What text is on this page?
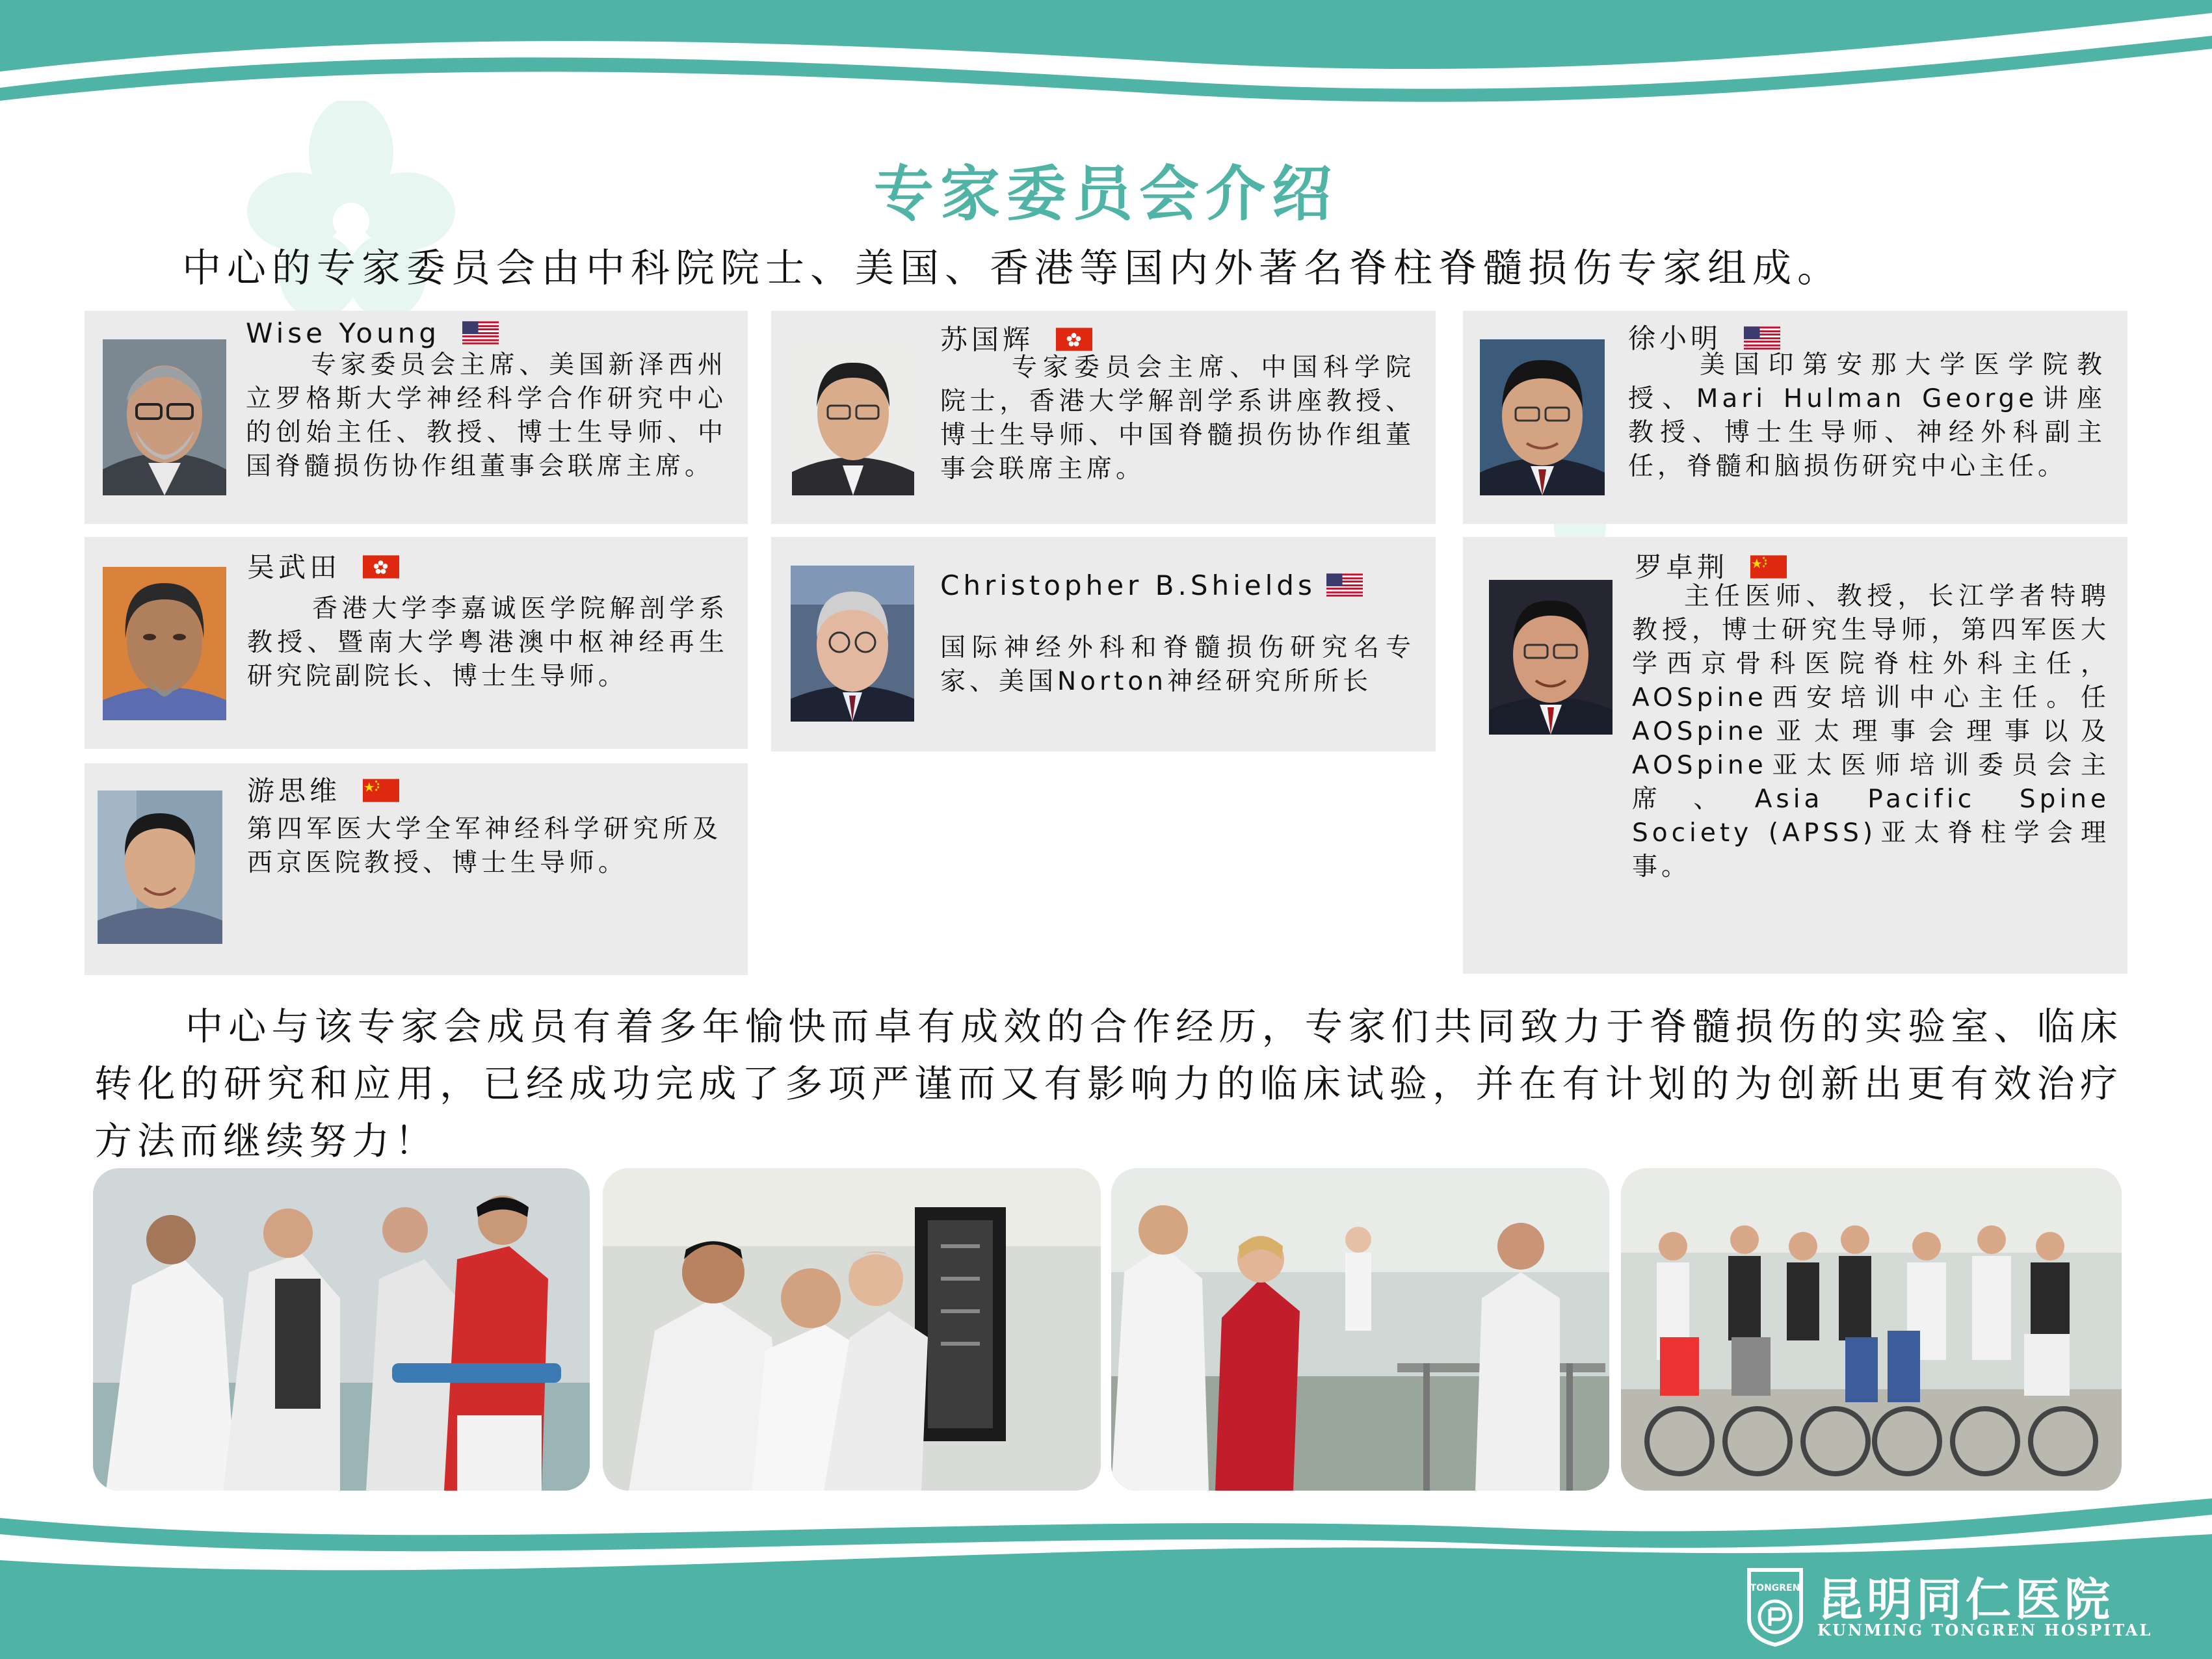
专家委员会介绍
中心的专家委员会由中科院院士、美国、香港等国内外著名脊柱脊髓损伤专家组成。
Wise Young
专家委员会主席、美国新泽西州立罗格斯大学神经科学合作研究中心的创始主任、教授、博士生导师、中国脊髓损伤协作组董事会联席主席。
苏国辉
专家委员会主席、中国科学院院士，香港大学解剖学系讲座教授、博士生导师、中国脊髓损伤协作组董事会联席主席。
徐小明
美国印第安那大学医学院教授、Mari Hulman George讲座教授、博士生导师、神经外科副主任，脊髓和脑损伤研究中心主任。
吴武田
香港大学李嘉诚医学院解剖学系教授、暨南大学粤港澳中枢神经再生研究院副院长、博士生导师。
Christopher B.Shields
国际神经外科和脊髓损伤研究名专家、美国Norton神经研究所所长
罗卓荆
主任医师、教授，长江学者特聘教授，博士研究生导师，第四军医大学西京骨科医院脊柱外科主任，AOSpine西安培训中心主任。任AOSpine亚太理事会理事以及AOSpine亚太医师培训委员会主席、Asia Pacific Spine Society (APSS)亚太脊柱学会理事。
游思维
第四军医大学全军神经科学研究所及西京医院教授、博士生导师。
中心与该专家会成员有着多年愉快而卓有成效的合作经历，专家们共同致力于脊髓损伤的实验室、临床转化的研究和应用，已经成功完成了多项严谨而又有影响力的临床试验，并在有计划的为创新出更有效治疗方法而继续努力！
TONGREN 昆明同仁医院
KUNMING TONGREN HOSPITAL
